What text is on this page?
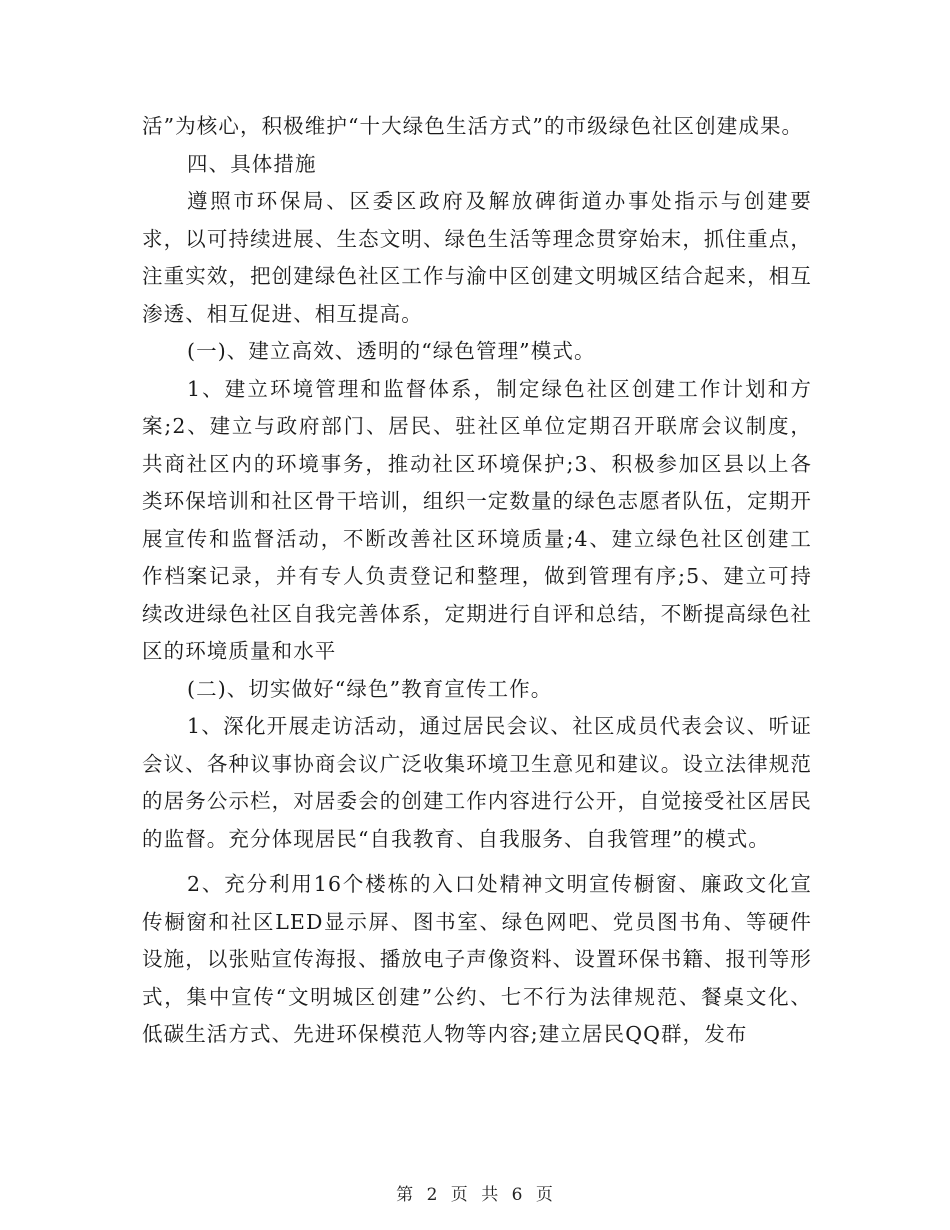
活”为核心，积极维护“十大绿色生活方式”的市级绿色社区创建成果。

四、具体措施

遵照市环保局、区委区政府及解放碑街道办事处指示与创建要求，以可持续进展、生态文明、绿色生活等理念贯穿始末，抓住重点，注重实效，把创建绿色社区工作与渝中区创建文明城区结合起来，相互渗透、相互促进、相互提高。

(一)、建立高效、透明的“绿色管理”模式。

1、建立环境管理和监督体系，制定绿色社区创建工作计划和方案;2、建立与政府部门、居民、驻社区单位定期召开联席会议制度，共商社区内的环境事务，推动社区环境保护;3、积极参加区县以上各类环保培训和社区骨干培训，组织一定数量的绿色志愿者队伍，定期开展宣传和监督活动，不断改善社区环境质量;4、建立绿色社区创建工作档案记录，并有专人负责登记和整理，做到管理有序;5、建立可持续改进绿色社区自我完善体系，定期进行自评和总结，不断提高绿色社区的环境质量和水平

(二)、切实做好“绿色”教育宣传工作。

1、深化开展走访活动，通过居民会议、社区成员代表会议、听证会议、各种议事协商会议广泛收集环境卫生意见和建议。设立法律规范的居务公示栏，对居委会的创建工作内容进行公开，自觉接受社区居民的监督。充分体现居民“自我教育、自我服务、自我管理”的模式。

2、充分利用16个楼栋的入口处精神文明宣传橱窗、廉政文化宣传橱窗和社区LED显示屏、图书室、绿色网吧、党员图书角、等硬件设施，以张贴宣传海报、播放电子声像资料、设置环保书籍、报刊等形式，集中宣传“文明城区创建”公约、七不行为法律规范、餐桌文化、低碳生活方式、先进环保模范人物等内容;建立居民QQ群，发布

第 2 页 共 6 页
